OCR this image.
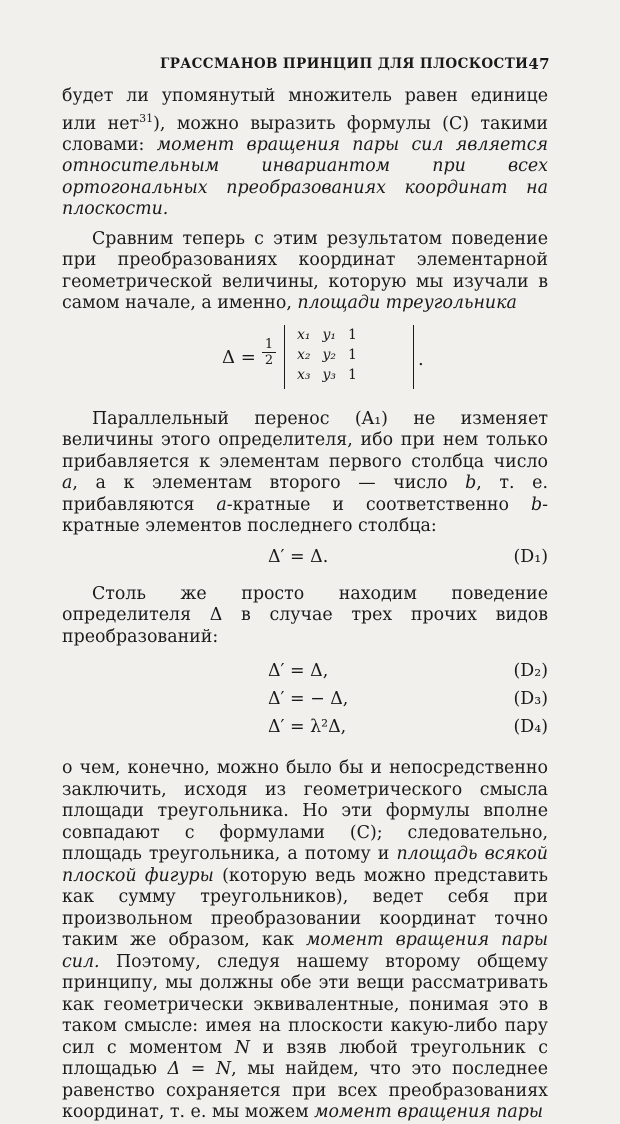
ГРАССМАНОВ ПРИНЦИП ДЛЯ ПЛОСКОСТИ 47

будет ли упомянутый множитель равен единице или нет$^{31}$), можно выразить формулы (С) такими словами: момент вращения пары сил является относительным инвариантом при всех ортогональных преобразованиях координат на плоскости.

Сравним теперь с этим результатом поведение при преобразованиях координат элементарной геометрической величины, которую мы изучали в самом начале, а именно, площади треугольника

$\Delta = \frac{1}{2}$
x₁	y₁	1
x₂	y₂	1
x₃	y₃	1
.

Параллельный перенос (A₁) не изменяет величины этого определителя, ибо при нем только прибавляется к элементам первого столбца число a, а к элементам второго — число b, т. е. прибавляются a-кратные и соответственно b-кратные элементов последнего столбца:

Δ′ = Δ.	(D₁)

Столь же просто находим поведение определителя Δ в случае трех прочих видов преобразований:

Δ′ = Δ,	(D₂)
Δ′ = − Δ,	(D₃)
Δ′ = λ²Δ,	(D₄)

о чем, конечно, можно было бы и непосредственно заключить, исходя из геометрического смысла площади треугольника. Но эти формулы вполне совпадают с формулами (С); следовательно, площадь треугольника, а потому и площадь всякой плоской фигуры (которую ведь можно представить как сумму треугольников), ведет себя при произвольном преобразовании координат точно таким же образом, как момент вращения пары сил. Поэтому, следуя нашему второму общему принципу, мы должны обе эти вещи рассматривать как геометрически эквивалентные, понимая это в таком смысле: имея на плоскости какую-либо пару сил с моментом N и взяв любой треугольник с площадью Δ = N, мы найдем, что это последнее равенство сохраняется при всех преобразованиях координат, т. е. мы можем момент вращения пары
